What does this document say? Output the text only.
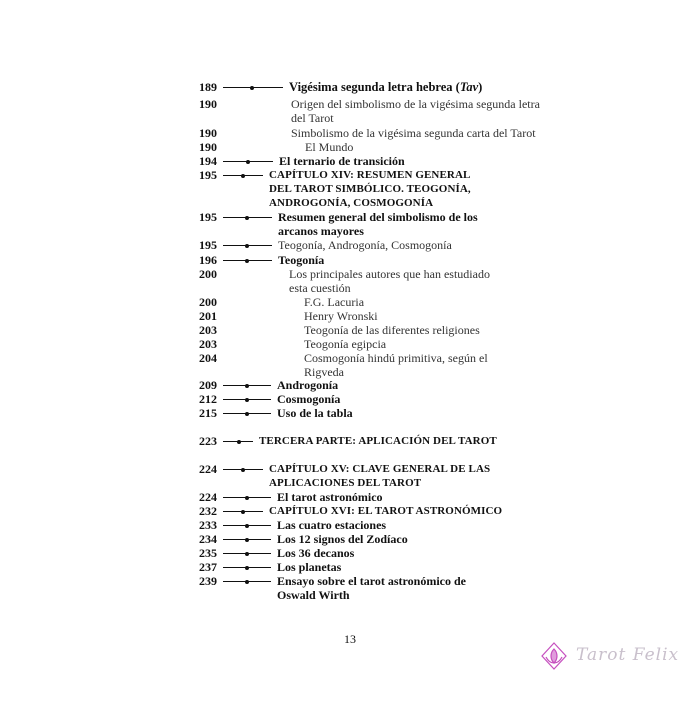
189	Vigésima segunda letra hebrea (Tav)
190	Origen del simbolismo de la vigésima segunda letra
del Tarot
190	Simbolismo de la vigésima segunda carta del Tarot
190	El Mundo
194	El ternario de transición
195	CAPÍTULO XIV: RESUMEN GENERAL
DEL TAROT SIMBÓLICO. TEOGONÍA,
ANDROGONÍA, COSMOGONÍA
195	Resumen general del simbolismo de los
arcanos mayores
195	Teogonía, Androgonía, Cosmogonía
196	Teogonía
200	Los principales autores que han estudiado
esta cuestión
200	F.G. Lacuria
201	Henry Wronski
203	Teogonía de las diferentes religiones
203	Teogonía egipcia
204	Cosmogonía hindú primitiva, según el
Rigveda
209	Androgonía
212	Cosmogonía
215	Uso de la tabla
223	TERCERA PARTE: APLICACIÓN DEL TAROT
224	CAPÍTULO XV: CLAVE GENERAL DE LAS
APLICACIONES DEL TAROT
224	El tarot astronómico
232	CAPÍTULO XVI: EL TAROT ASTRONÓMICO
233	Las cuatro estaciones
234	Los 12 signos del Zodíaco
235	Los 36 decanos
237	Los planetas
239	Ensayo sobre el tarot astronómico de
Oswald Wirth
13
Tarot Felix
